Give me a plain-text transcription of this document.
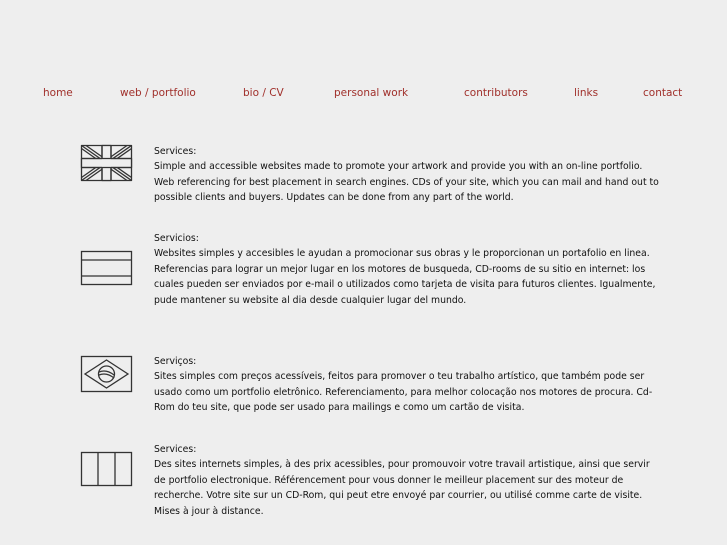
home	web / portfolio	bio / CV	personal work	contributors	links	contact
Services:
Simple and accessible websites made to promote your artwork and provide you with an on-line portfolio. Web referencing for best placement in search engines. CDs of your site, which you can mail and hand out to possible clients and buyers. Updates can be done from any part of the world.
Servicios:
Websites simples y accesibles le ayudan a promocionar sus obras y le proporcionan un portafolio en linea. Referencias para lograr un mejor lugar en los motores de busqueda, CD-rooms de su sitio en internet: los cuales pueden ser enviados por e-mail o utilizados como tarjeta de visita para futuros clientes. Igualmente, pude mantener su website al dia desde cualquier lugar del mundo.
Serviços:
Sites simples com preços acessíveis, feitos para promover o teu trabalho artístico, que também pode ser usado como um portfolio eletrônico. Referenciamento, para melhor colocação nos motores de procura. Cd-Rom do teu site, que pode ser usado para mailings e como um cartão de visita.
Services:
Des sites internets simples, à des prix acessibles, pour promouvoir votre travail artistique, ainsi que servir de portfolio electronique. Référencement pour vous donner le meilleur placement sur des moteur de recherche. Votre site sur un CD-Rom, qui peut etre envoyé par courrier, ou utilisé comme carte de visite. Mises à jour à distance.
